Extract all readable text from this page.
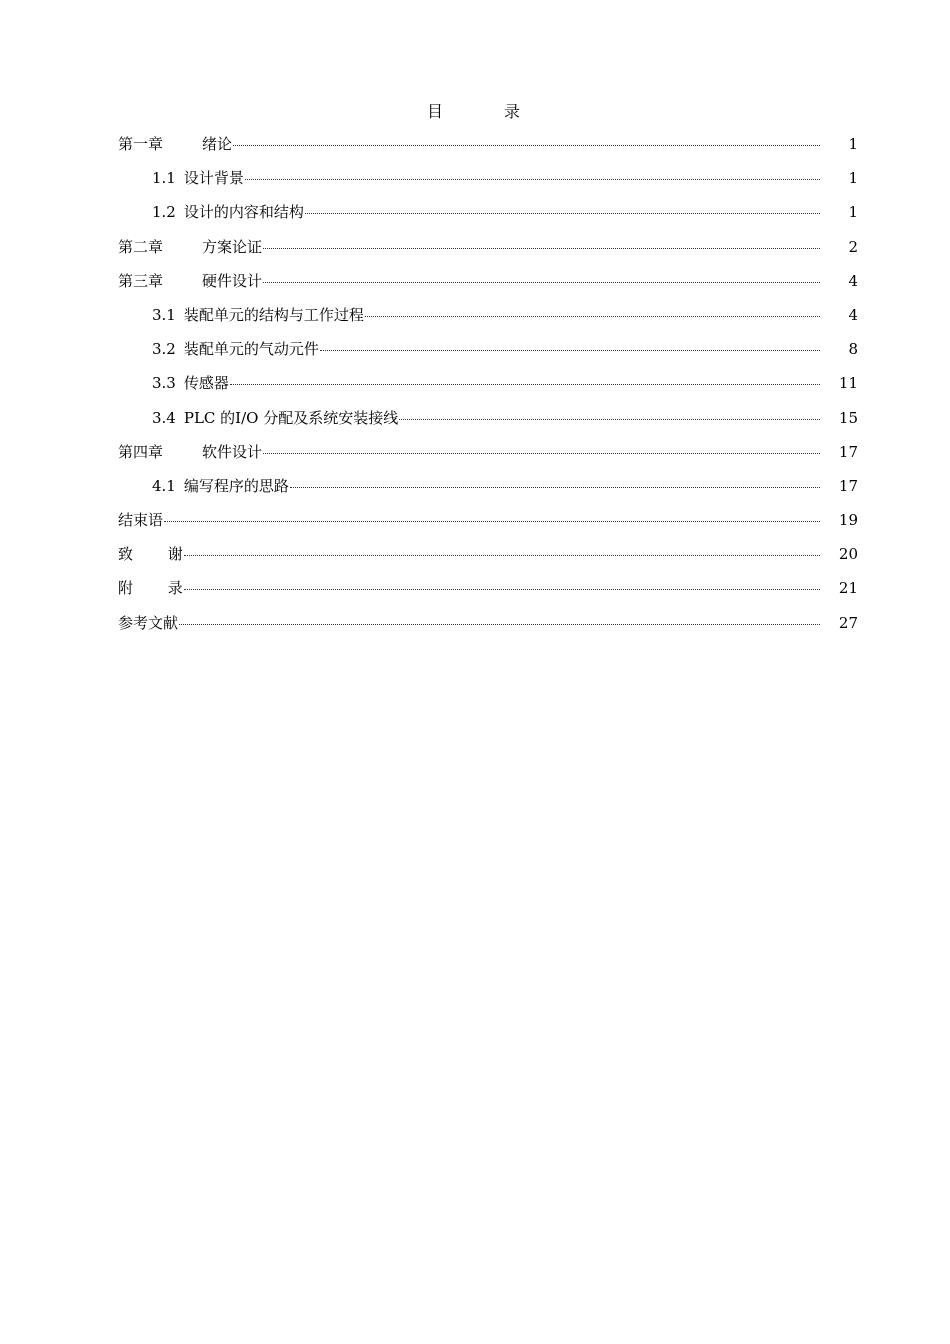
目 录
第一章	绪论	1
1.1 设计背景	1
1.2 设计的内容和结构	1
第二章	方案论证	2
第三章	硬件设计	4
3.1 装配单元的结构与工作过程	4
3.2 装配单元的气动元件	8
3.3 传感器	11
3.4 PLC 的I/O 分配及系统安装接线	15
第四章	软件设计	17
4.1 编写程序的思路	17
结束语	19
致 谢	20
附 录	21
参考文献	27
